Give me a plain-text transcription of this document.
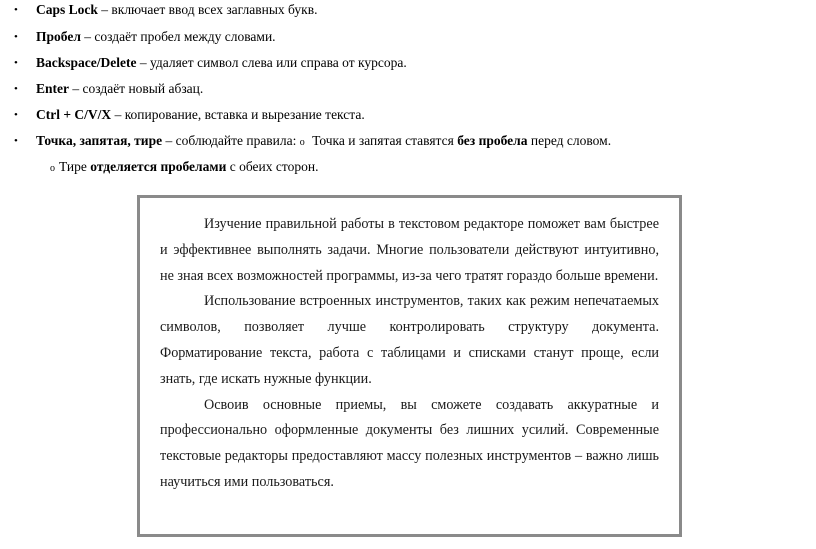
•	Caps Lock – включает ввод всех заглавных букв.
•	Пробел – создаёт пробел между словами.
•	Backspace/Delete – удаляет символ слева или справа от курсора.
•	Enter – создаёт новый абзац.
•	Ctrl + C/V/X – копирование, вставка и вырезание текста.
•	Точка, запятая, тире – соблюдайте правила: o Точка и запятая ставятся без пробела перед словом.
o Тире отделяется пробелами с обеих сторон.

Изучение правильной работы в текстовом редакторе поможет вам быстрее и эффективнее выполнять задачи. Многие пользователи действуют интуитивно, не зная всех возможностей программы, из-за чего тратят гораздо больше времени.

Использование встроенных инструментов, таких как режим непечатаемых символов, позволяет лучше контролировать структуру документа. Форматирование текста, работа с таблицами и списками станут проще, если знать, где искать нужные функции.

Освоив основные приемы, вы сможете создавать аккуратные и профессионально оформленные документы без лишних усилий. Современные текстовые редакторы предоставляют массу полезных инструментов – важно лишь научиться ими пользоваться.
